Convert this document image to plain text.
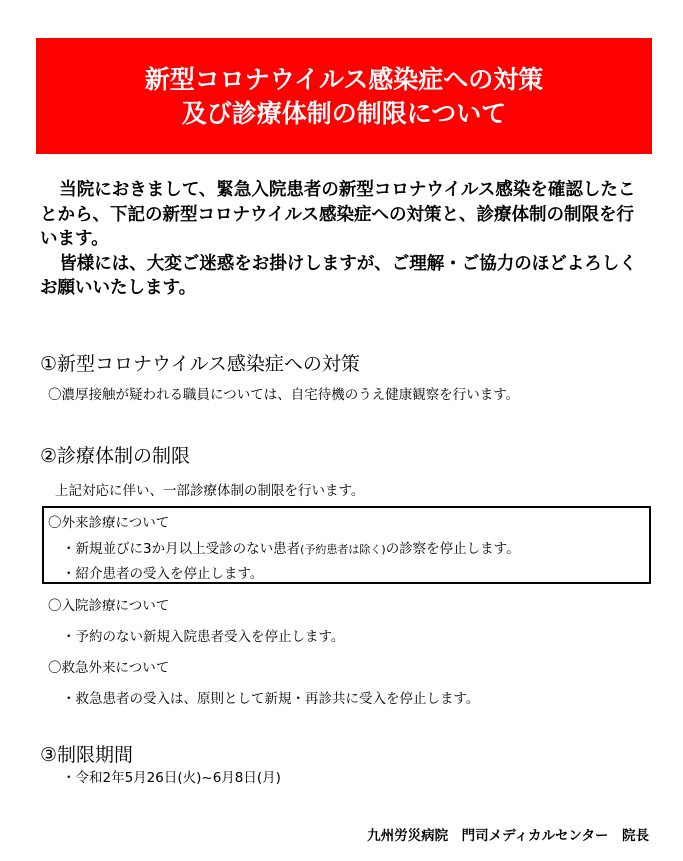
新型コロナウイルス感染症への対策
及び診療体制の制限について

当院におきまして、緊急入院患者の新型コロナウイルス感染を確認したことから、下記の新型コロナウイルス感染症への対策と、診療体制の制限を行います。

皆様には、大変ご迷惑をお掛けしますが、ご理解・ご協力のほどよろしくお願いいたします。

①新型コロナウイルス感染症への対策
〇濃厚接触が疑われる職員については、自宅待機のうえ健康観察を行います。
②診療体制の制限
上記対応に伴い、一部診療体制の制限を行います。
〇外来診療について
・新規並びに3か月以上受診のない患者(予約患者は除く)の診察を停止します。
・紹介患者の受入を停止します。
〇入院診療について
・予約のない新規入院患者受入を停止します。
〇救急外来について
・救急患者の受入は、原則として新規・再診共に受入を停止します。
③制限期間
・令和2年5月26日(火)~6月8日(月)
九州労災病院　門司メディカルセンター　院長
